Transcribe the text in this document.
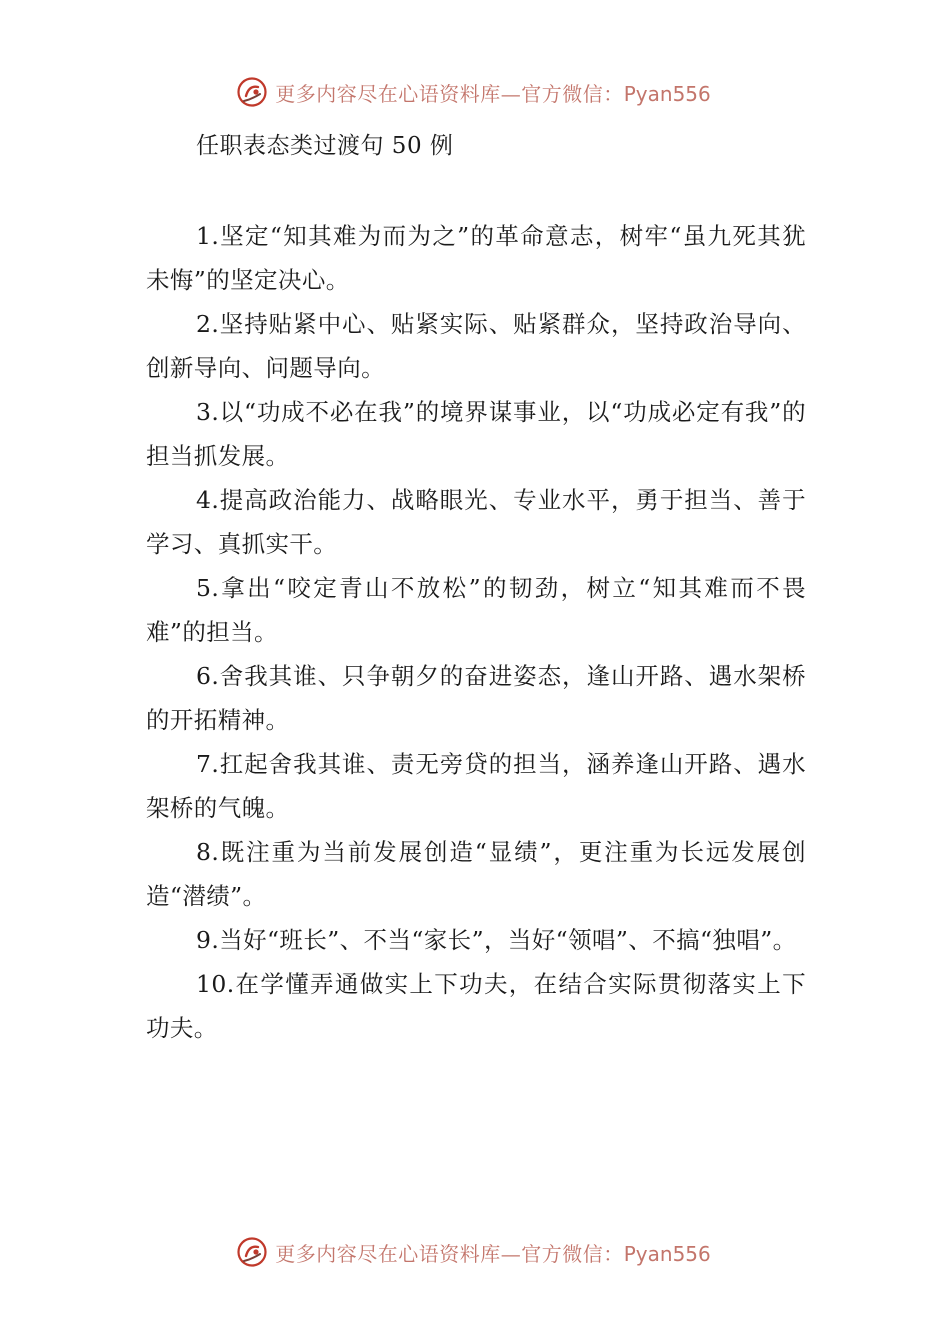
更多内容尽在心语资料库—官方微信：Pyan556
任职表态类过渡句 50 例

1.坚定“知其难为而为之”的革命意志，树牢“虽九死其犹未悔”的坚定决心。

2.坚持贴紧中心、贴紧实际、贴紧群众，坚持政治导向、创新导向、问题导向。

3.以“功成不必在我”的境界谋事业，以“功成必定有我”的担当抓发展。

4.提高政治能力、战略眼光、专业水平，勇于担当、善于学习、真抓实干。

5.拿出“咬定青山不放松”的韧劲，树立“知其难而不畏难”的担当。

6.舍我其谁、只争朝夕的奋进姿态，逢山开路、遇水架桥的开拓精神。

7.扛起舍我其谁、责无旁贷的担当，涵养逢山开路、遇水架桥的气魄。

8.既注重为当前发展创造“显绩”，更注重为长远发展创造“潜绩”。

9.当好“班长”、不当“家长”，当好“领唱”、不搞“独唱”。

10.在学懂弄通做实上下功夫，在结合实际贯彻落实上下功夫。

更多内容尽在心语资料库—官方微信：Pyan556
